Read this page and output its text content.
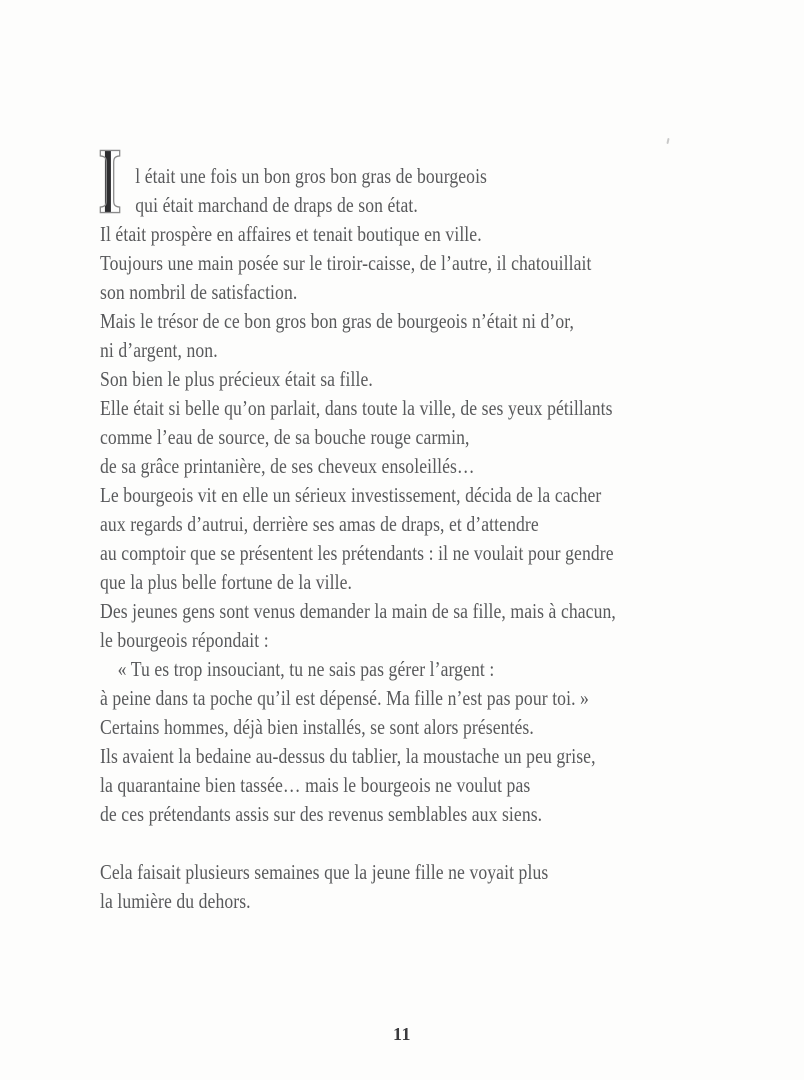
l était une fois un bon gros bon gras de bourgeois
qui était marchand de draps de son état.
Il était prospère en affaires et tenait boutique en ville.
Toujours une main posée sur le tiroir-caisse, de l’autre, il chatouillait
son nombril de satisfaction.
Mais le trésor de ce bon gros bon gras de bourgeois n’était ni d’or,
ni d’argent, non.
Son bien le plus précieux était sa fille.
Elle était si belle qu’on parlait, dans toute la ville, de ses yeux pétillants
comme l’eau de source, de sa bouche rouge carmin,
de sa grâce printanière, de ses cheveux ensoleillés…
Le bourgeois vit en elle un sérieux investissement, décida de la cacher
aux regards d’autrui, derrière ses amas de draps, et d’attendre
au comptoir que se présentent les prétendants : il ne voulait pour gendre
que la plus belle fortune de la ville.
Des jeunes gens sont venus demander la main de sa fille, mais à chacun,
le bourgeois répondait :
« Tu es trop insouciant, tu ne sais pas gérer l’argent :
à peine dans ta poche qu’il est dépensé. Ma fille n’est pas pour toi. »
Certains hommes, déjà bien installés, se sont alors présentés.
Ils avaient la bedaine au-dessus du tablier, la moustache un peu grise,
la quarantaine bien tassée… mais le bourgeois ne voulut pas
de ces prétendants assis sur des revenus semblables aux siens.
Cela faisait plusieurs semaines que la jeune fille ne voyait plus
la lumière du dehors.
11
